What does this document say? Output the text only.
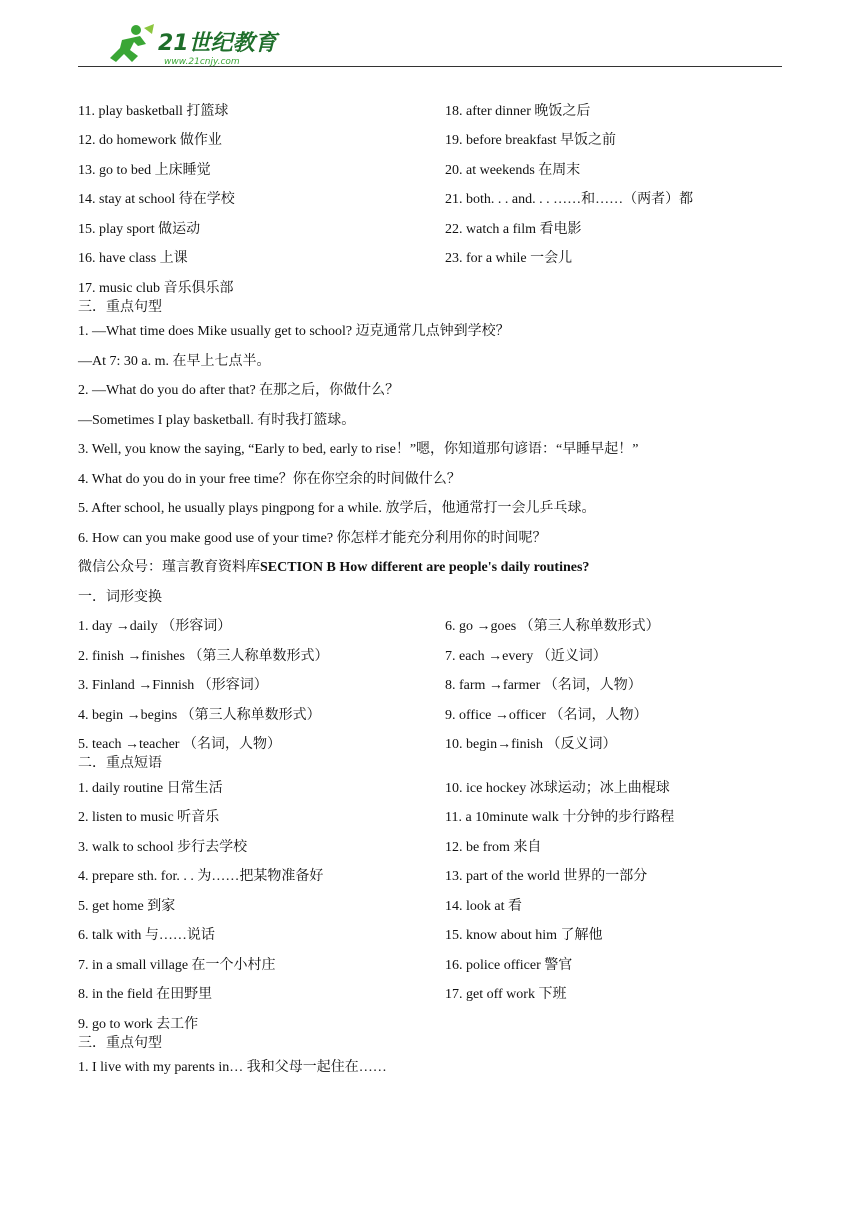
21世纪教育
www.21cnjy.com
11. play basketball 打篮球	18. after dinner 晚饭之后
12. do homework 做作业	19. before breakfast 早饭之前
13. go to bed 上床睡觉	20. at weekends 在周末
14. stay at school 待在学校	21. both. . . and. . . ……和……（两者）都
15. play sport 做运动	22. watch a film 看电影
16. have class 上课	23. for a while 一会儿
17. music club 音乐俱乐部
三．重点句型
1. —What time does Mike usually get to school? 迈克通常几点钟到学校？
—At 7: 30 a. m. 在早上七点半。
2. —What do you do after that? 在那之后，你做什么？
—Sometimes I play basketball. 有时我打篮球。
3. Well, you know the saying, “Early to bed, early to rise！”嗯，你知道那句谚语：“早睡早起！”
4. What do you do in your free time？你在你空余的时间做什么？
5. After school, he usually plays pingpong for a while. 放学后，他通常打一会儿乒乓球。
6. How can you make good use of your time? 你怎样才能充分利用你的时间呢？
微信公众号：瑾言教育资料库 SECTION B How different are people's daily routines?
一．词形变换
1. day →daily （形容词）	6. go →goes （第三人称单数形式）
2. finish →finishes （第三人称单数形式）	7. each →every （近义词）
3. Finland →Finnish （形容词）	8. farm →farmer （名词，人物）
4. begin →begins （第三人称单数形式）	9. office →officer （名词，人物）
5. teach →teacher （名词，人物）	10. begin→finish （反义词）
二．重点短语
1. daily routine 日常生活	10. ice hockey 冰球运动；冰上曲棍球
2. listen to music 听音乐	11. a 10minute walk 十分钟的步行路程
3. walk to school 步行去学校	12. be from 来自
4. prepare sth. for. . . 为……把某物准备好	13. part of the world 世界的一部分
5. get home 到家	14. look at 看
6. talk with 与……说话	15. know about him 了解他
7. in a small village 在一个小村庄	16. police officer 警官
8. in the field 在田野里	17. get off work 下班
9. go to work 去工作
三．重点句型
1. I live with my parents in… 我和父母一起住在……
